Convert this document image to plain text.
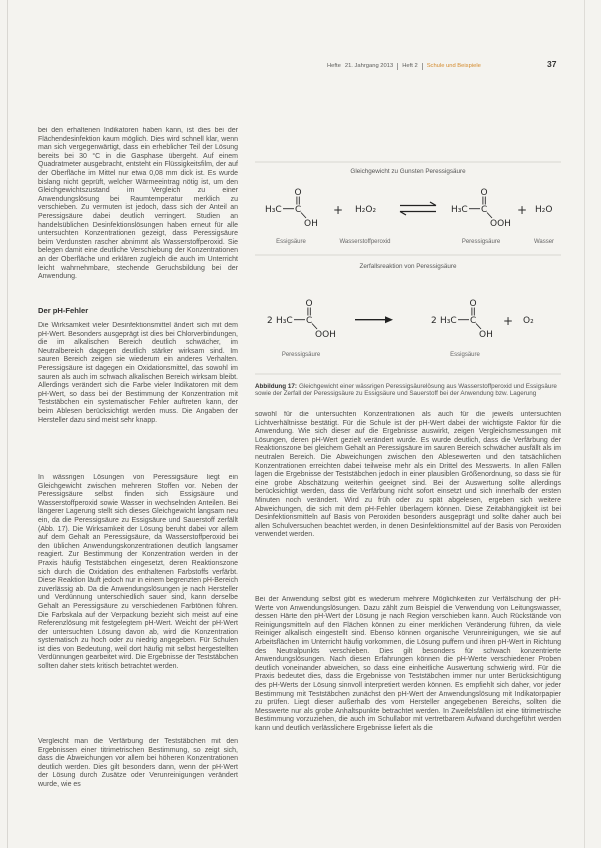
Hefte 21. Jahrgang 2013 Heft 2 Schule und Beispiele	37
bei den erhaltenen Indikatoren haben kann, ist dies bei der Flächendesinfektion kaum möglich. Dies wird schnell klar, wenn man sich vergegenwärtigt, dass ein erheblicher Teil der Lösung bereits bei 30 °C in die Gasphase übergeht. Auf einem Quadratmeter ausgebracht, entsteht ein Flüssigkeitsfilm, der auf der Oberfläche im Mittel nur etwa 0,08 mm dick ist. Es wurde bislang nicht geprüft, welcher Wärmeeintrag nötig ist, um den Gleichgewichtszustand im Vergleich zu einer Anwendungslösung bei Raumtemperatur merklich zu verschieben. Zu vermuten ist jedoch, dass sich der Anteil an Peressigsäure dabei deutlich verringert. Studien an handelsüblichen Desinfektionslösungen haben erneut für alle untersuchten Konzentrationen gezeigt, dass Peressigsäure beim Verdunsten rascher abnimmt als Wasserstoffperoxid. Sie belegen damit eine deutliche Verschiebung der Konzentrationen an der Oberfläche und erklären zugleich die auch im Unterricht leicht wahrnehmbare, stechende Geruchsbildung bei der Anwendung.
Der pH-Fehler
Die Wirksamkeit vieler Desinfektionsmittel ändert sich mit dem pH-Wert. Besonders ausgeprägt ist dies bei Chlorverbindungen, die im alkalischen Bereich deutlich schwächer, im Neutralbereich dagegen deutlich stärker wirksam sind. Im sauren Bereich zeigen sie wiederum ein anderes Verhalten. Peressigsäure ist dagegen ein Oxidationsmittel, das sowohl im sauren als auch im schwach alkalischen Bereich wirksam bleibt. Allerdings verändert sich die Farbe vieler Indikatoren mit dem pH-Wert, so dass bei der Bestimmung der Konzentration mit Teststäbchen ein systematischer Fehler auftreten kann, der beim Ablesen berücksichtigt werden muss. Die Angaben der Hersteller dazu sind meist sehr knapp.
In wässrigen Lösungen von Peressigsäure liegt ein Gleichgewicht zwischen mehreren Stoffen vor. Neben der Peressigsäure selbst finden sich Essigsäure und Wasserstoffperoxid sowie Wasser in wechselnden Anteilen. Bei längerer Lagerung stellt sich dieses Gleichgewicht langsam neu ein, da die Peressigsäure zu Essigsäure und Sauerstoff zerfällt (Abb. 17). Die Wirksamkeit der Lösung beruht dabei vor allem auf dem Gehalt an Peressigsäure, da Wasserstoffperoxid bei den üblichen Anwendungskonzentrationen deutlich langsamer reagiert. Zur Bestimmung der Konzentration werden in der Praxis häufig Teststäbchen eingesetzt, deren Reaktionszone sich durch die Oxidation des enthaltenen Farbstoffs verfärbt. Diese Reaktion läuft jedoch nur in einem begrenzten pH-Bereich zuverlässig ab. Da die Anwendungslösungen je nach Hersteller und Verdünnung unterschiedlich sauer sind, kann derselbe Gehalt an Peressigsäure zu verschiedenen Farbtönen führen. Die Farbskala auf der Verpackung bezieht sich meist auf eine Referenzlösung mit festgelegtem pH-Wert. Weicht der pH-Wert der untersuchten Lösung davon ab, wird die Konzentration systematisch zu hoch oder zu niedrig angegeben. Für Schulen ist dies von Bedeutung, weil dort häufig mit selbst hergestellten Verdünnungen gearbeitet wird. Die Ergebnisse der Teststäbchen sollten daher stets kritisch betrachtet werden.
Vergleicht man die Verfärbung der Teststäbchen mit den Ergebnissen einer titrimetrischen Bestimmung, so zeigt sich, dass die Abweichungen vor allem bei höheren Konzentrationen deutlich werden. Dies gilt besonders dann, wenn der pH-Wert der Lösung durch Zusätze oder Verunreinigungen verändert wurde, wie es
Gleichgewicht zu Gunsten Peressigsäure
H₃C C
O
OH
+ H₂O₂	H₃C C
O
OOH
+ H₂O
Essigsäure	Wasserstoffperoxid	Peressigsäure	Wasser
Zerfallsreaktion von Peressigsäure
2 H₃C C
O
OOH
2 H₃C C
O
OH
+ O₂
Peressigsäure	Essigsäure
Abbildung 17: Gleichgewicht einer wässrigen Peressigsäurelösung aus Wasserstoffperoxid und Essigsäure sowie der Zerfall der Peressigsäure zu Essigsäure und Sauerstoff bei der Anwendung bzw. Lagerung
sowohl für die untersuchten Konzentrationen als auch für die jeweils untersuchten Lichtverhältnisse bestätigt. Für die Schule ist der pH-Wert dabei der wichtigste Faktor für die Anwendung. Wie sich dieser auf die Ergebnisse auswirkt, zeigen Vergleichsmessungen mit Lösungen, deren pH-Wert gezielt verändert wurde. Es wurde deutlich, dass die Verfärbung der Reaktionszone bei gleichem Gehalt an Peressigsäure im sauren Bereich schwächer ausfällt als im neutralen Bereich. Die Abweichungen zwischen den Ablesewerten und den tatsächlichen Konzentrationen erreichten dabei teilweise mehr als ein Drittel des Messwerts. In allen Fällen lagen die Ergebnisse der Teststäbchen jedoch in einer plausiblen Größenordnung, so dass sie für eine grobe Abschätzung weiterhin geeignet sind. Bei der Auswertung sollte allerdings berücksichtigt werden, dass die Verfärbung nicht sofort einsetzt und sich innerhalb der ersten Minuten noch verändert. Wird zu früh oder zu spät abgelesen, ergeben sich weitere Abweichungen, die sich mit dem pH-Fehler überlagern können. Diese Zeitabhängigkeit ist bei Desinfektionsmitteln auf Basis von Peroxiden besonders ausgeprägt und sollte daher auch bei allen Schulversuchen beachtet werden, in denen Desinfektionsmittel auf der Basis von Peroxiden verwendet werden.
Bei der Anwendung selbst gibt es wiederum mehrere Möglichkeiten zur Verfälschung der pH-Werte von Anwendungslösungen. Dazu zählt zum Beispiel die Verwendung von Leitungswasser, dessen Härte den pH-Wert der Lösung je nach Region verschieben kann. Auch Rückstände von Reinigungsmitteln auf den Flächen können zu einer merklichen Veränderung führen, da viele Reiniger alkalisch eingestellt sind. Ebenso können organische Verunreinigungen, wie sie auf Arbeitsflächen im Unterricht häufig vorkommen, die Lösung puffern und ihren pH-Wert in Richtung des Neutralpunkts verschieben. Dies gilt besonders für schwach konzentrierte Anwendungslösungen. Nach diesen Erfahrungen können die pH-Werte verschiedener Proben deutlich voneinander abweichen, so dass eine einheitliche Auswertung schwierig wird. Für die Praxis bedeutet dies, dass die Ergebnisse von Teststäbchen immer nur unter Berücksichtigung des pH-Werts der Lösung sinnvoll interpretiert werden können. Es empfiehlt sich daher, vor jeder Bestimmung mit Teststäbchen zunächst den pH-Wert der Anwendungslösung mit Indikatorpapier zu prüfen. Liegt dieser außerhalb des vom Hersteller angegebenen Bereichs, sollten die Messwerte nur als grobe Anhaltspunkte betrachtet werden. In Zweifelsfällen ist eine titrimetrische Bestimmung vorzuziehen, die auch im Schullabor mit vertretbarem Aufwand durchgeführt werden kann und deutlich verlässlichere Ergebnisse liefert als die
